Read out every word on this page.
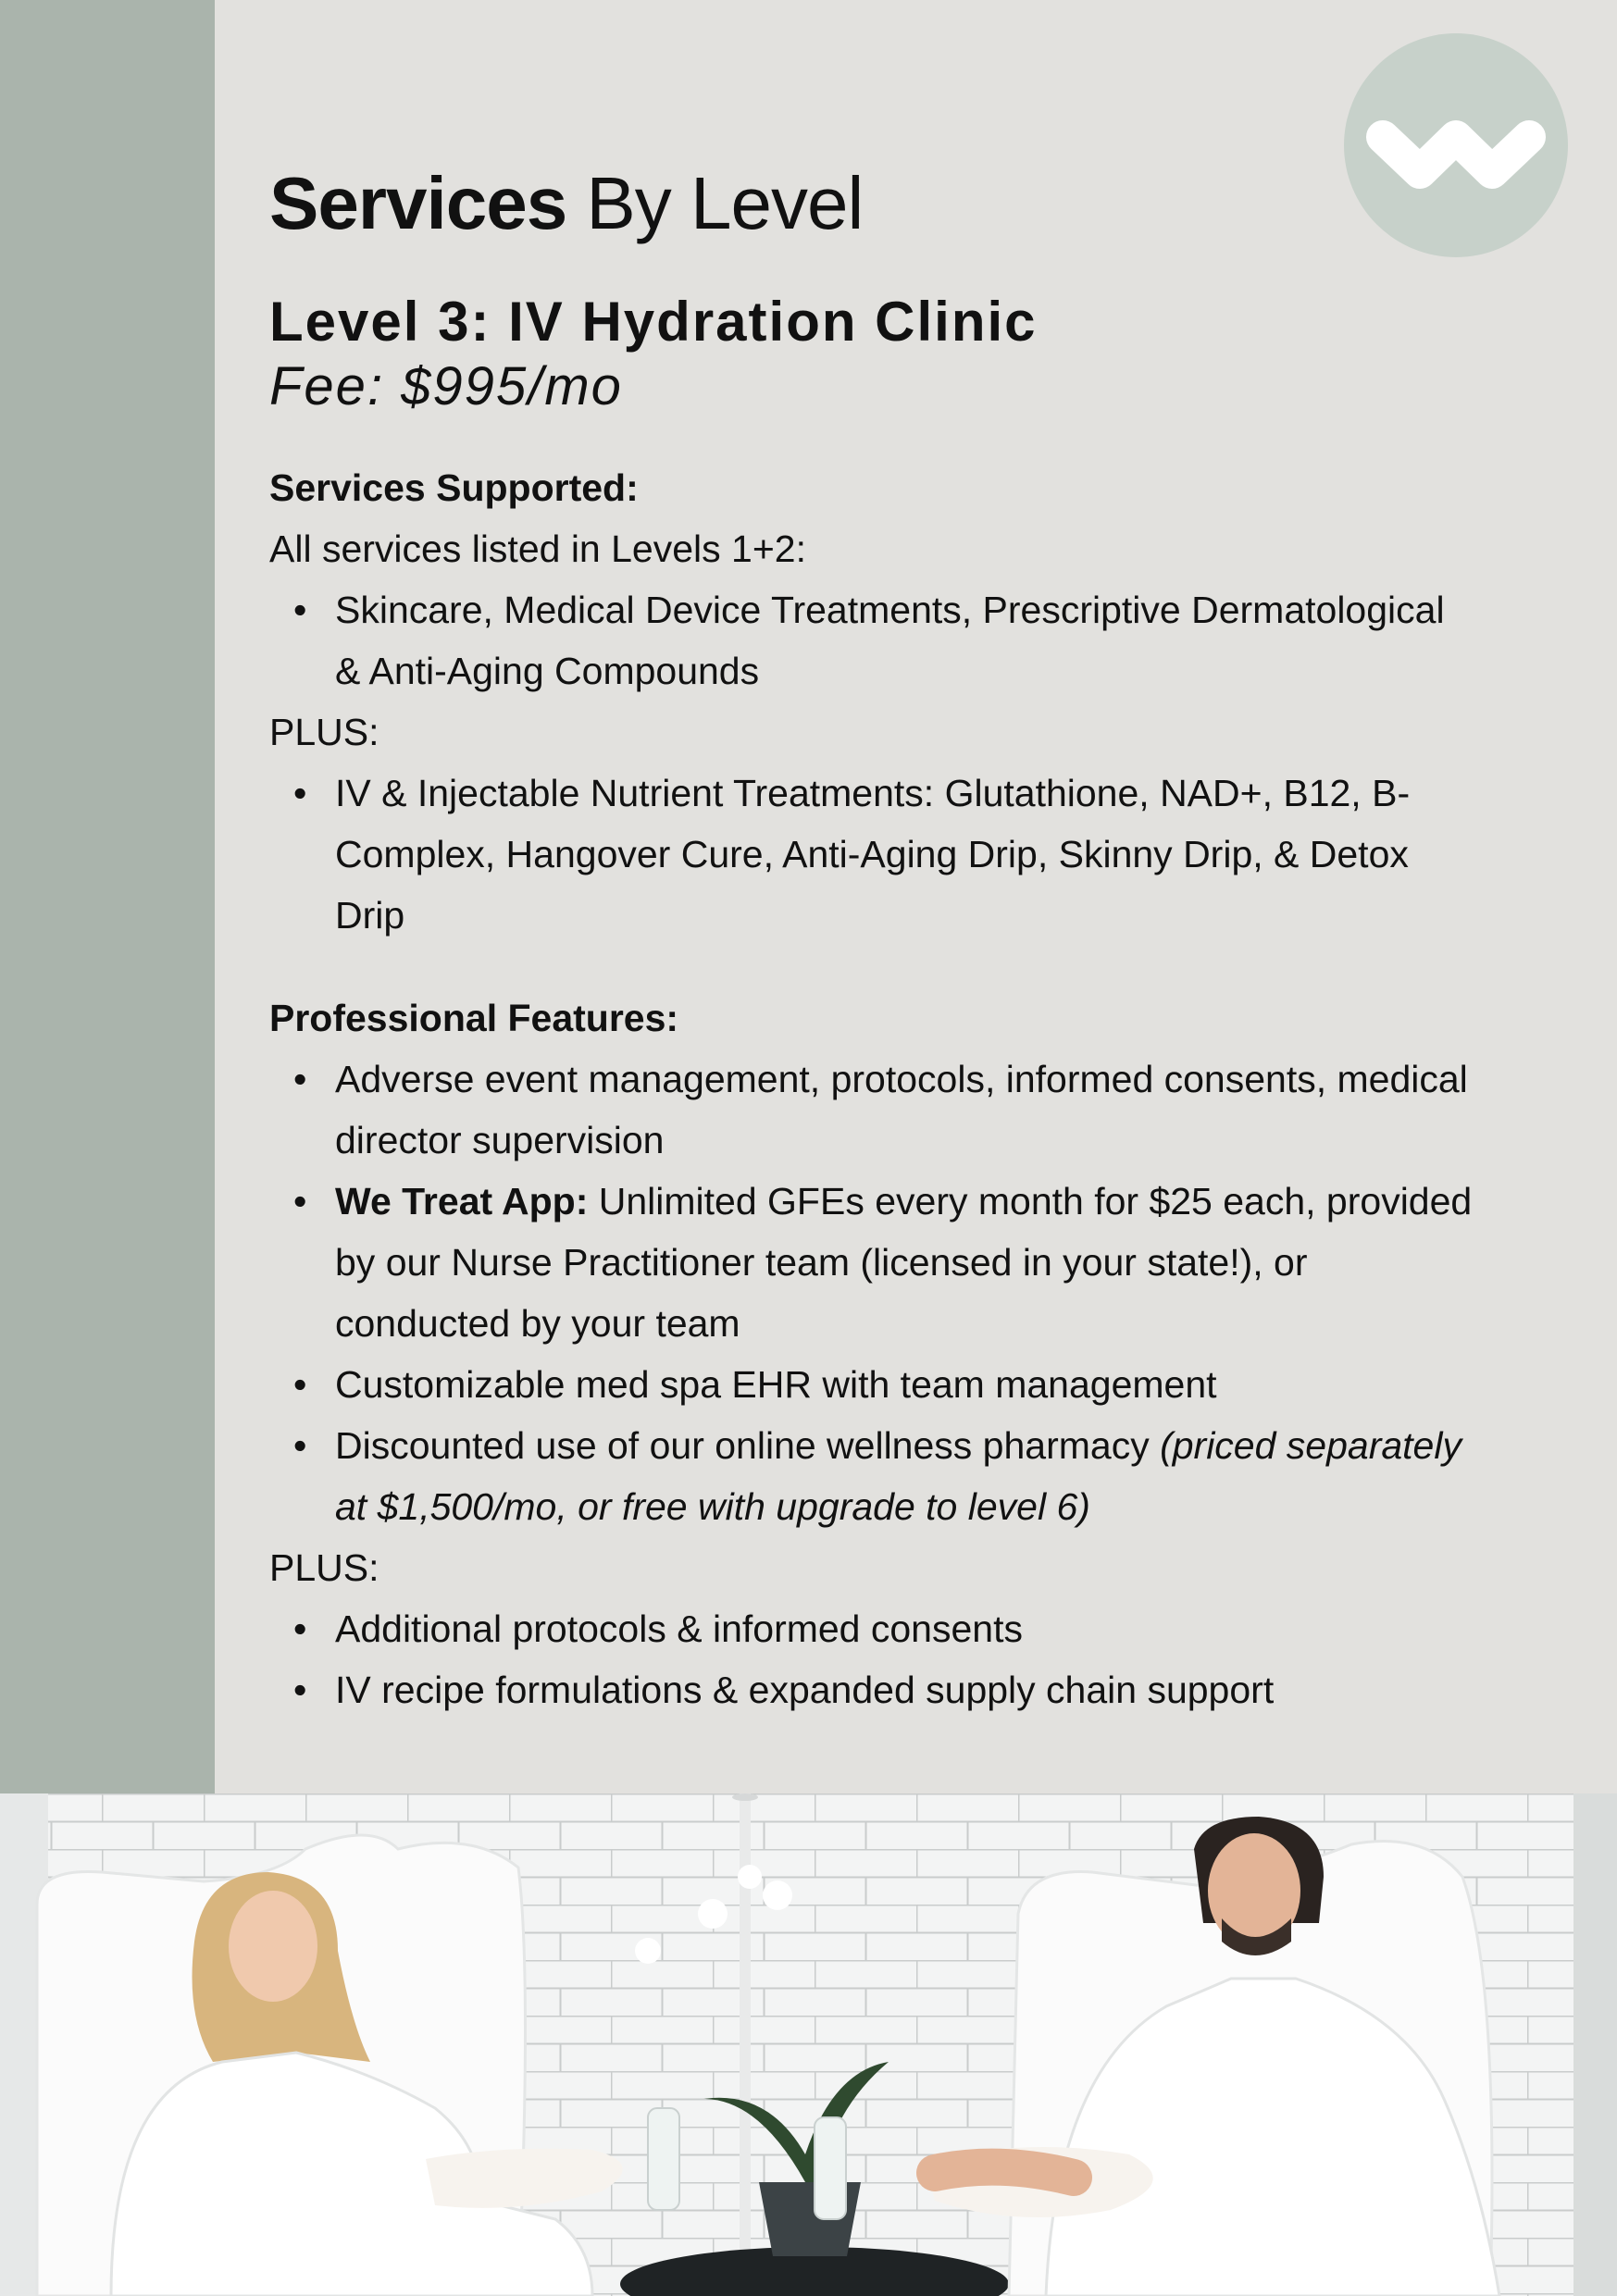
Services By Level
Level 3: IV Hydration Clinic

Fee: $995/mo

Services Supported:

All services listed in Levels 1+2:

• Skincare, Medical Device Treatments, Prescriptive Dermatological & Anti-Aging Compounds

PLUS:

• IV & Injectable Nutrient Treatments: Glutathione, NAD+, B12, B-Complex, Hangover Cure, Anti-Aging Drip, Skinny Drip, & Detox Drip

Professional Features:

• Adverse event management, protocols, informed consents, medical director supervision
• We Treat App: Unlimited GFEs every month for $25 each, provided by our Nurse Practitioner team (licensed in your state!), or conducted by your team
• Customizable med spa EHR with team management
• Discounted use of our online wellness pharmacy (priced separately at $1,500/mo, or free with upgrade to level 6)

PLUS:

• Additional protocols & informed consents
• IV recipe formulations & expanded supply chain support
